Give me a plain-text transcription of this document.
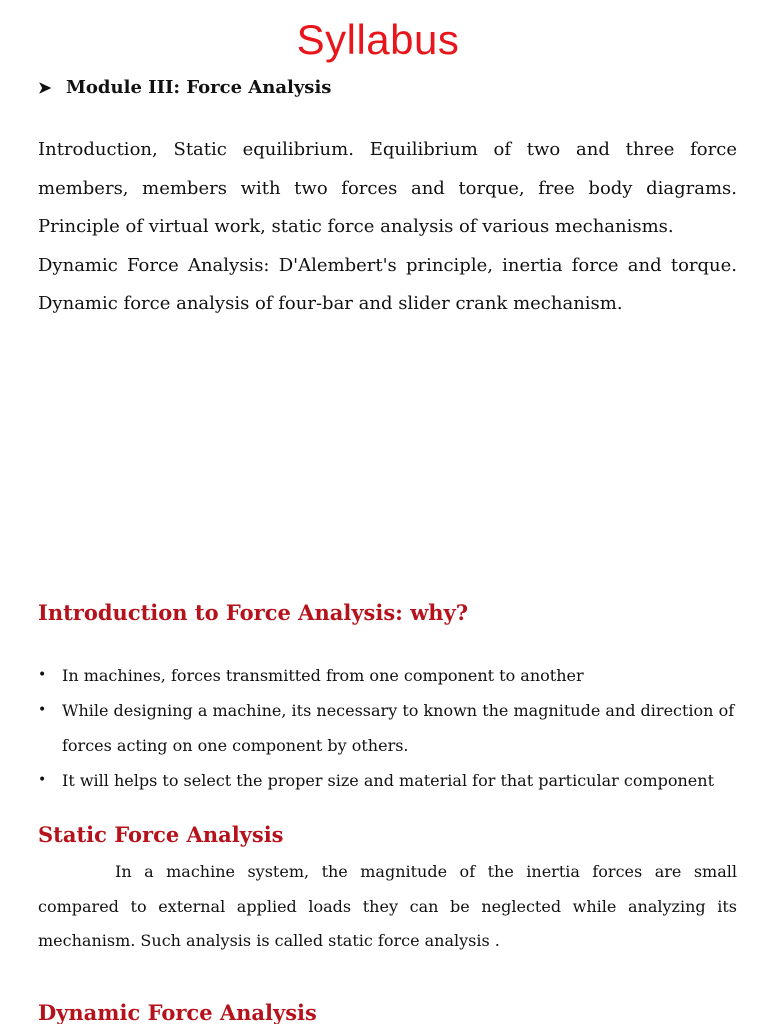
Syllabus
➤ Module III: Force Analysis

Introduction, Static equilibrium. Equilibrium of two and three force members, members with two forces and torque, free body diagrams. Principle of virtual work, static force analysis of various mechanisms.

Dynamic Force Analysis: D'Alembert's principle, inertia force and torque. Dynamic force analysis of four-bar and slider crank mechanism.

Introduction to Force Analysis: why?
• In machines, forces transmitted from one component to another
• While designing a machine, its necessary to known the magnitude and direction of forces acting on one component by others.
• It will helps to select the proper size and material for that particular component
Static Force Analysis

In a machine system, the magnitude of the inertia forces are small compared to external applied loads they can be neglected while analyzing its mechanism. Such analysis is called static force analysis .

Dynamic Force Analysis
